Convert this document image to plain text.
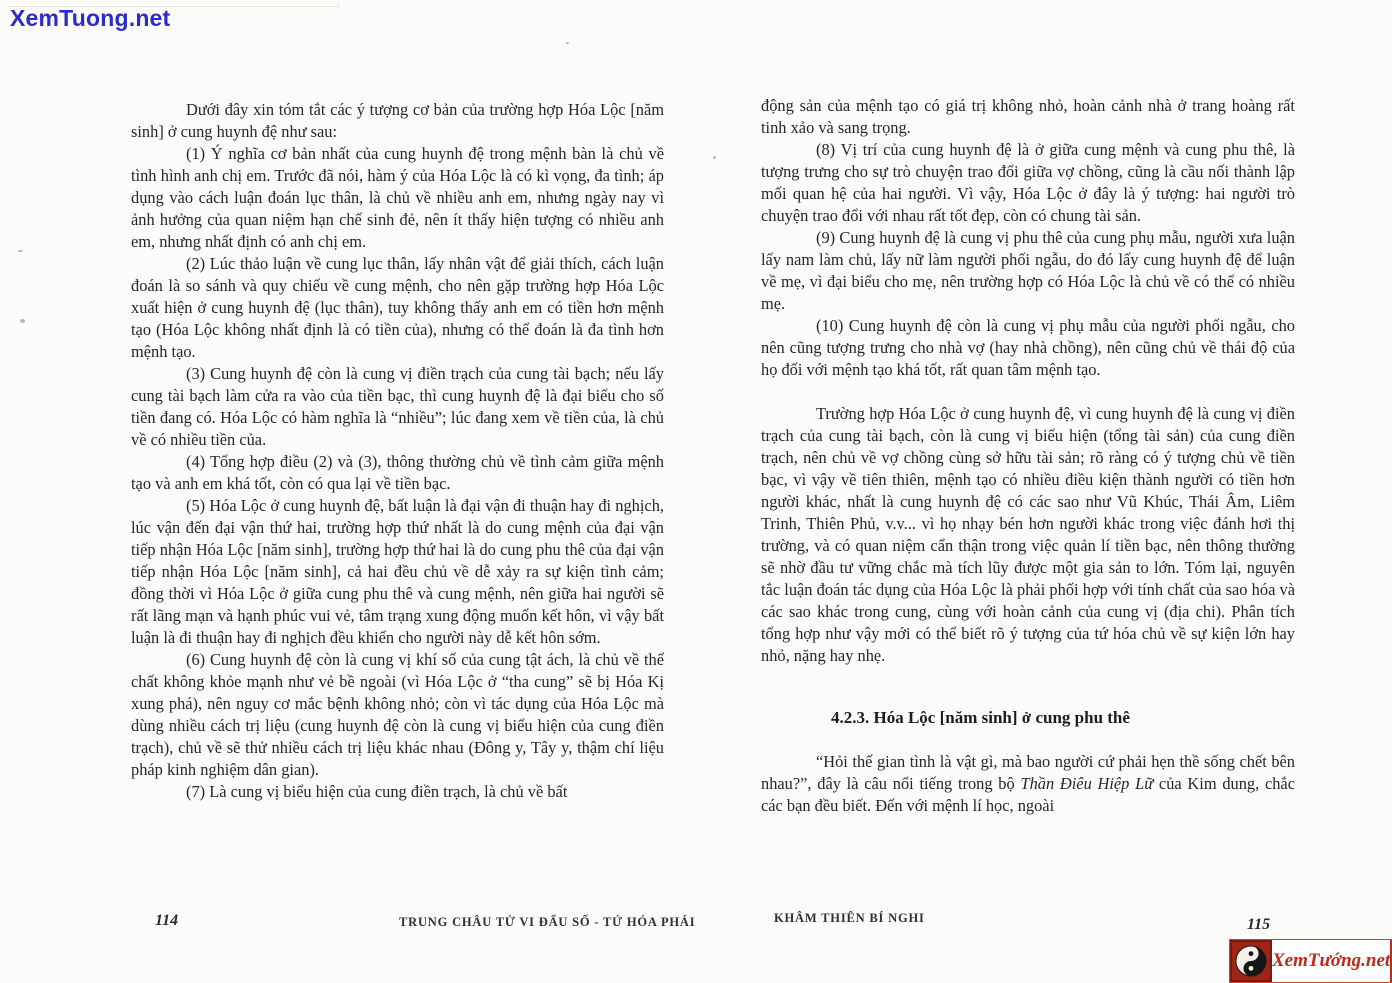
XemTuong.net

Dưới đây xin tóm tắt các ý tượng cơ bản của trường hợp Hóa Lộc [năm sinh] ở cung huynh đệ như sau:

(1) Ý nghĩa cơ bản nhất của cung huynh đệ trong mệnh bàn là chủ về tình hình anh chị em. Trước đã nói, hàm ý của Hóa Lộc là có kì vọng, đa tình; áp dụng vào cách luận đoán lục thân, là chủ về nhiều anh em, nhưng ngày nay vì ảnh hưởng của quan niệm hạn chế sinh đẻ, nên ít thấy hiện tượng có nhiều anh em, nhưng nhất định có anh chị em.

(2) Lúc thảo luận về cung lục thân, lấy nhân vật để giải thích, cách luận đoán là so sánh và quy chiếu về cung mệnh, cho nên gặp trường hợp Hóa Lộc xuất hiện ở cung huynh đệ (lục thân), tuy không thấy anh em có tiền hơn mệnh tạo (Hóa Lộc không nhất định là có tiền của), nhưng có thể đoán là đa tình hơn mệnh tạo.

(3) Cung huynh đệ còn là cung vị điền trạch của cung tài bạch; nếu lấy cung tài bạch làm cửa ra vào của tiền bạc, thì cung huynh đệ là đại biểu cho số tiền đang có. Hóa Lộc có hàm nghĩa là “nhiều”; lúc đang xem về tiền của, là chủ về có nhiều tiền của.

(4) Tổng hợp điều (2) và (3), thông thường chủ về tình cảm giữa mệnh tạo và anh em khá tốt, còn có qua lại về tiền bạc.

(5) Hóa Lộc ở cung huynh đệ, bất luận là đại vận đi thuận hay đi nghịch, lúc vận đến đại vận thứ hai, trường hợp thứ nhất là do cung mệnh của đại vận tiếp nhận Hóa Lộc [năm sinh], trường hợp thứ hai là do cung phu thê của đại vận tiếp nhận Hóa Lộc [năm sinh], cả hai đều chủ về dễ xảy ra sự kiện tình cảm; đồng thời vì Hóa Lộc ở giữa cung phu thê và cung mệnh, nên giữa hai người sẽ rất lãng mạn và hạnh phúc vui vẻ, tâm trạng xung động muốn kết hôn, vì vậy bất luận là đi thuận hay đi nghịch đều khiến cho người này dễ kết hôn sớm.

(6) Cung huynh đệ còn là cung vị khí số của cung tật ách, là chủ về thể chất không khỏe mạnh như vẻ bề ngoài (vì Hóa Lộc ở “tha cung” sẽ bị Hóa Kị xung phá), nên nguy cơ mắc bệnh không nhỏ; còn vì tác dụng của Hóa Lộc mà dùng nhiều cách trị liệu (cung huynh đệ còn là cung vị biểu hiện của cung điền trạch), chủ về sẽ thử nhiều cách trị liệu khác nhau (Đông y, Tây y, thậm chí liệu pháp kinh nghiệm dân gian).

(7) Là cung vị biểu hiện của cung điền trạch, là chủ về bất

động sản của mệnh tạo có giá trị không nhỏ, hoàn cảnh nhà ở trang hoàng rất tinh xảo và sang trọng.

(8) Vị trí của cung huynh đệ là ở giữa cung mệnh và cung phu thê, là tượng trưng cho sự trò chuyện trao đổi giữa vợ chồng, cũng là cầu nối thành lập mối quan hệ của hai người. Vì vậy, Hóa Lộc ở đây là ý tượng: hai người trò chuyện trao đổi với nhau rất tốt đẹp, còn có chung tài sản.

(9) Cung huynh đệ là cung vị phu thê của cung phụ mẫu, người xưa luận lấy nam làm chủ, lấy nữ làm người phối ngẫu, do đó lấy cung huynh đệ để luận về mẹ, vì đại biểu cho mẹ, nên trường hợp có Hóa Lộc là chủ về có thể có nhiều mẹ.

(10) Cung huynh đệ còn là cung vị phụ mẫu của người phối ngẫu, cho nên cũng tượng trưng cho nhà vợ (hay nhà chồng), nên cũng chủ về thái độ của họ đối với mệnh tạo khá tốt, rất quan tâm mệnh tạo.

Trường hợp Hóa Lộc ở cung huynh đệ, vì cung huynh đệ là cung vị điền trạch của cung tài bạch, còn là cung vị biểu hiện (tổng tài sản) của cung điền trạch, nên chủ về vợ chồng cùng sở hữu tài sản; rõ ràng có ý tượng chủ về tiền bạc, vì vậy về tiên thiên, mệnh tạo có nhiều điều kiện thành người có tiền hơn người khác, nhất là cung huynh đệ có các sao như Vũ Khúc, Thái Âm, Liêm Trinh, Thiên Phủ, v.v... vì họ nhạy bén hơn người khác trong việc đánh hơi thị trường, và có quan niệm cẩn thận trong việc quản lí tiền bạc, nên thông thường sẽ nhờ đầu tư vững chắc mà tích lũy được một gia sản to lớn. Tóm lại, nguyên tắc luận đoán tác dụng của Hóa Lộc là phải phối hợp với tính chất của sao hóa và các sao khác trong cung, cùng với hoàn cảnh của cung vị (địa chi). Phân tích tổng hợp như vậy mới có thể biết rõ ý tượng của tứ hóa chủ về sự kiện lớn hay nhỏ, nặng hay nhẹ.

4.2.3. Hóa Lộc [năm sinh] ở cung phu thê

“Hỏi thế gian tình là vật gì, mà bao người cứ phải hẹn thề sống chết bên nhau?”, đây là câu nổi tiếng trong bộ Thần Điêu Hiệp Lữ của Kim dung, chắc các bạn đều biết. Đến với mệnh lí học, ngoài

114	TRUNG CHÂU TỬ VI ĐẨU SỐ - TỨ HÓA PHÁI	KHÂM THIÊN BÍ NGHI	115
XemTướng.net
